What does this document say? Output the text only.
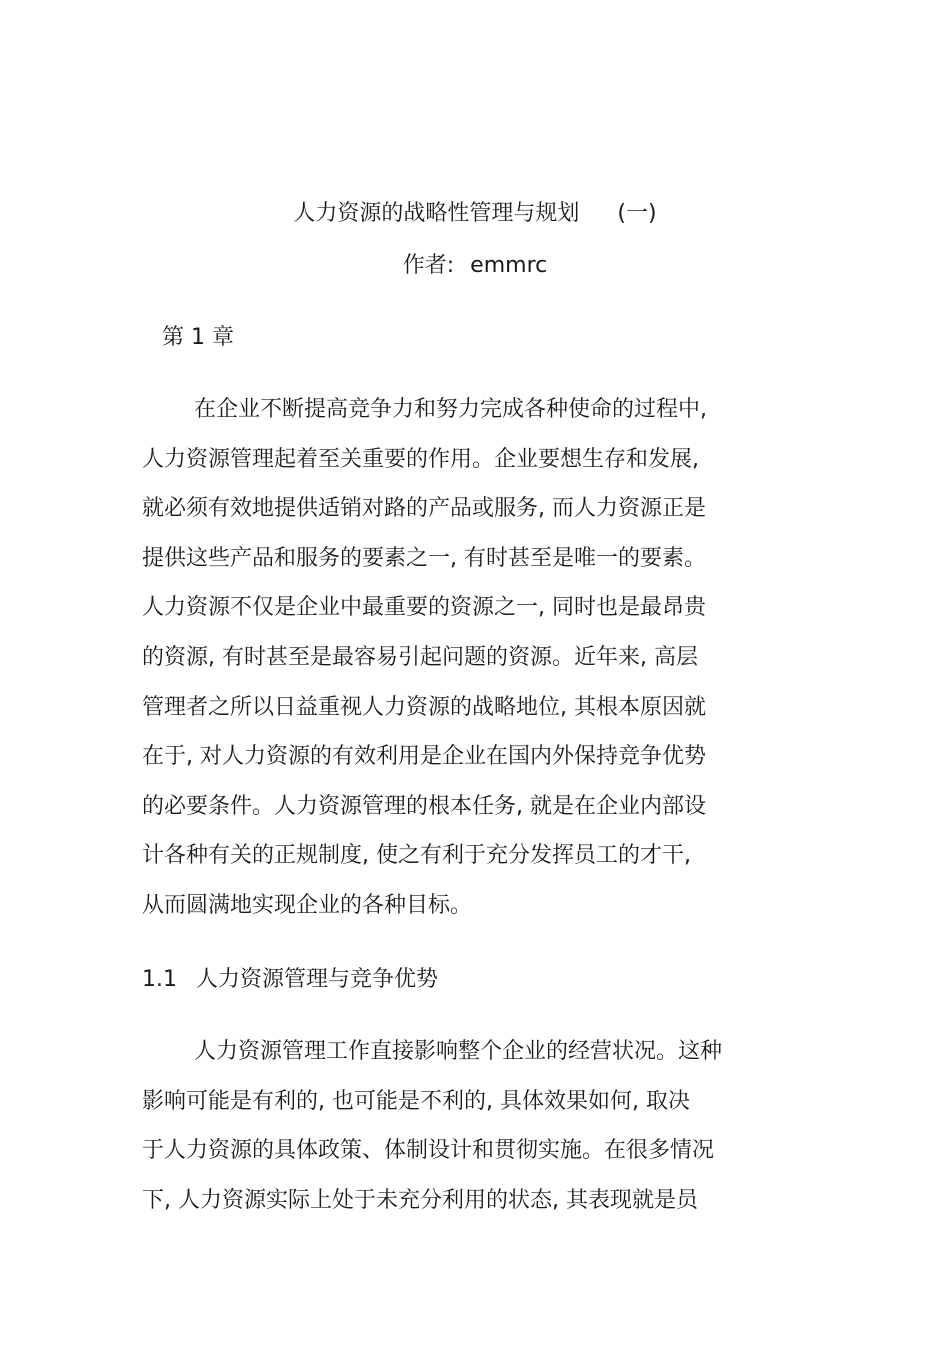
人力资源的战略性管理与规划 (一)
作者: emmrc
第 1 章
在企业不断提高竞争力和努力完成各种使命的过程中,
人力资源管理起着至关重要的作用。企业要想生存和发展,
就必须有效地提供适销对路的产品或服务, 而人力资源正是
提供这些产品和服务的要素之一, 有时甚至是唯一的要素。
人力资源不仅是企业中最重要的资源之一, 同时也是最昂贵
的资源, 有时甚至是最容易引起问题的资源。近年来, 高层
管理者之所以日益重视人力资源的战略地位, 其根本原因就
在于, 对人力资源的有效利用是企业在国内外保持竞争优势
的必要条件。人力资源管理的根本任务, 就是在企业内部设
计各种有关的正规制度, 使之有利于充分发挥员工的才干,
从而圆满地实现企业的各种目标。
1.1 人力资源管理与竞争优势
人力资源管理工作直接影响整个企业的经营状况。这种
影响可能是有利的, 也可能是不利的, 具体效果如何, 取决
于人力资源的具体政策、体制设计和贯彻实施。在很多情况
下, 人力资源实际上处于未充分利用的状态, 其表现就是员
